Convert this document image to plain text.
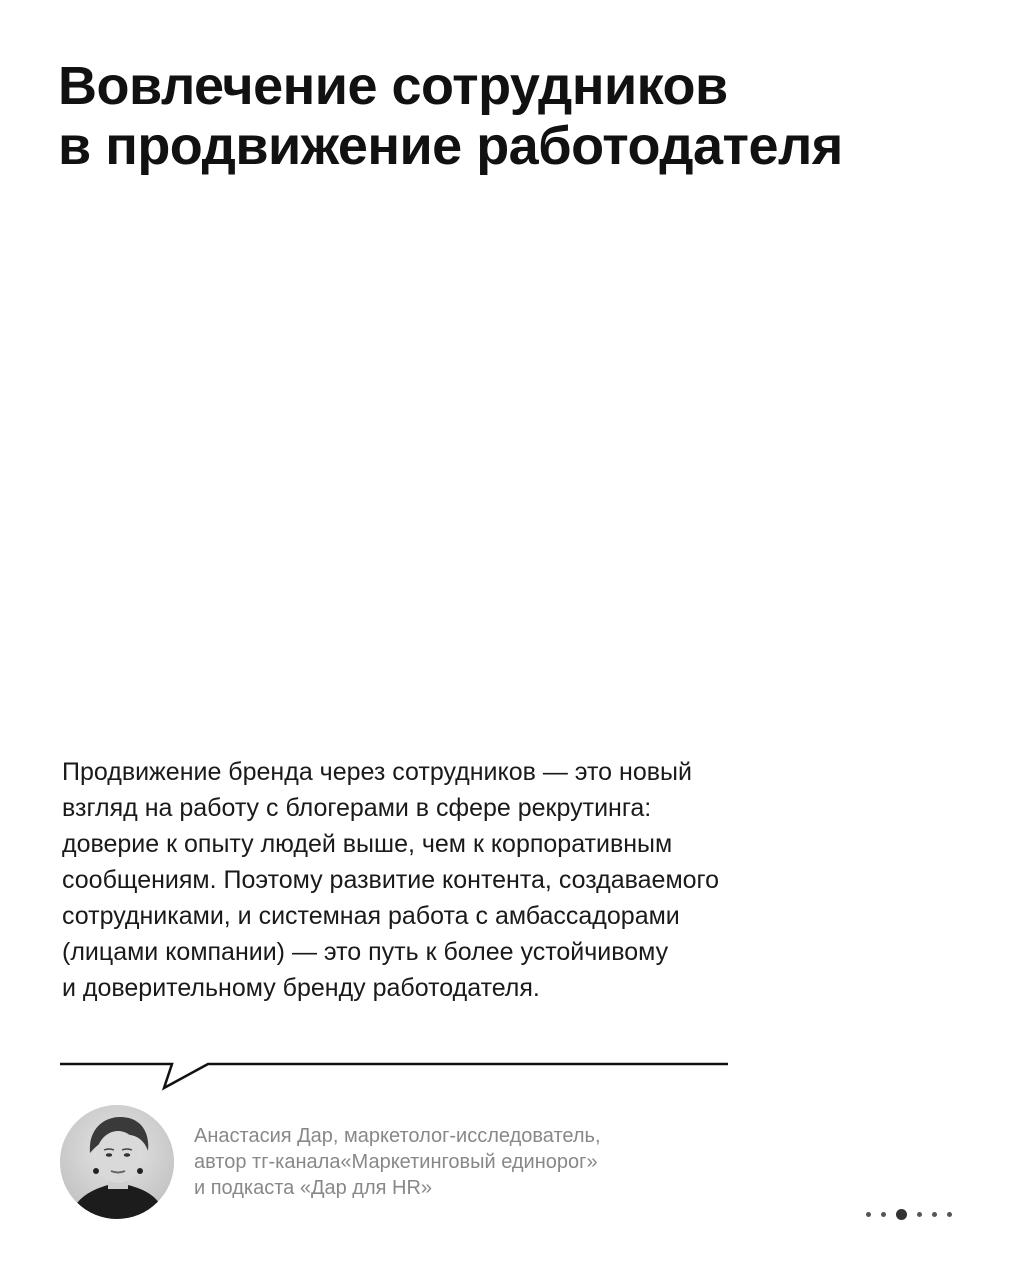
Вовлечение сотрудников
в продвижение работодателя

Продвижение бренда через сотрудников — это новый
взгляд на работу с блогерами в сфере рекрутинга:
доверие к опыту людей выше, чем к корпоративным
сообщениям. Поэтому развитие контента, создаваемого
сотрудниками, и системная работа с амбассадорами
(лицами компании) — это путь к более устойчивому
и доверительному бренду работодателя.

Анастасия Дар, маркетолог-исследователь,
автор тг-канала«Маркетинговый единорог»
и подкаста «Дар для HR»
